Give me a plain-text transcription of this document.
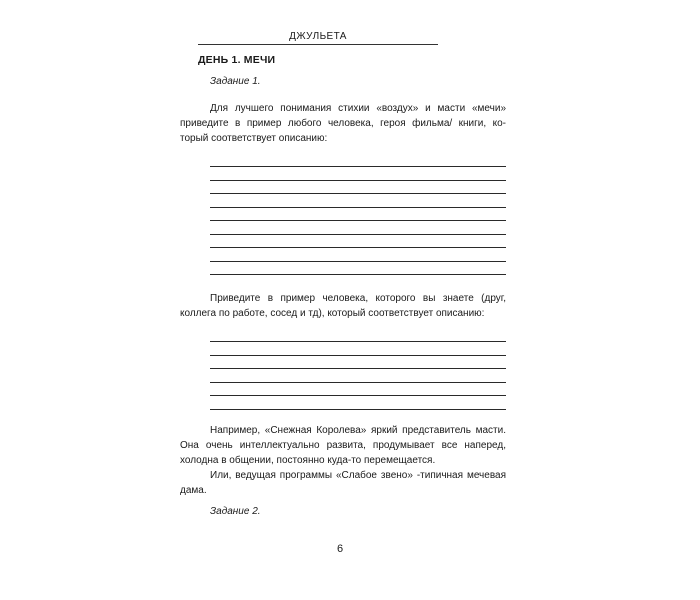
ДЖУЛЬЕТА
ДЕНЬ 1. МЕЧИ
Задание 1.
Для лучшего понимания стихии «воздух» и масти «мечи»
приведите в пример любого человека, героя фильма/ книги, ко-
торый соответствует описанию:
Приведите в пример человека, которого вы знаете (друг,
коллега по работе, сосед и тд), который соответствует описанию:
Например, «Снежная Королева» яркий представитель масти.
Она очень интеллектуально развита, продумывает все наперед,
холодна в общении, постоянно куда-то перемещается.
Или, ведущая программы «Слабое звено» -типичная мечевая
дама.
Задание 2.
6
